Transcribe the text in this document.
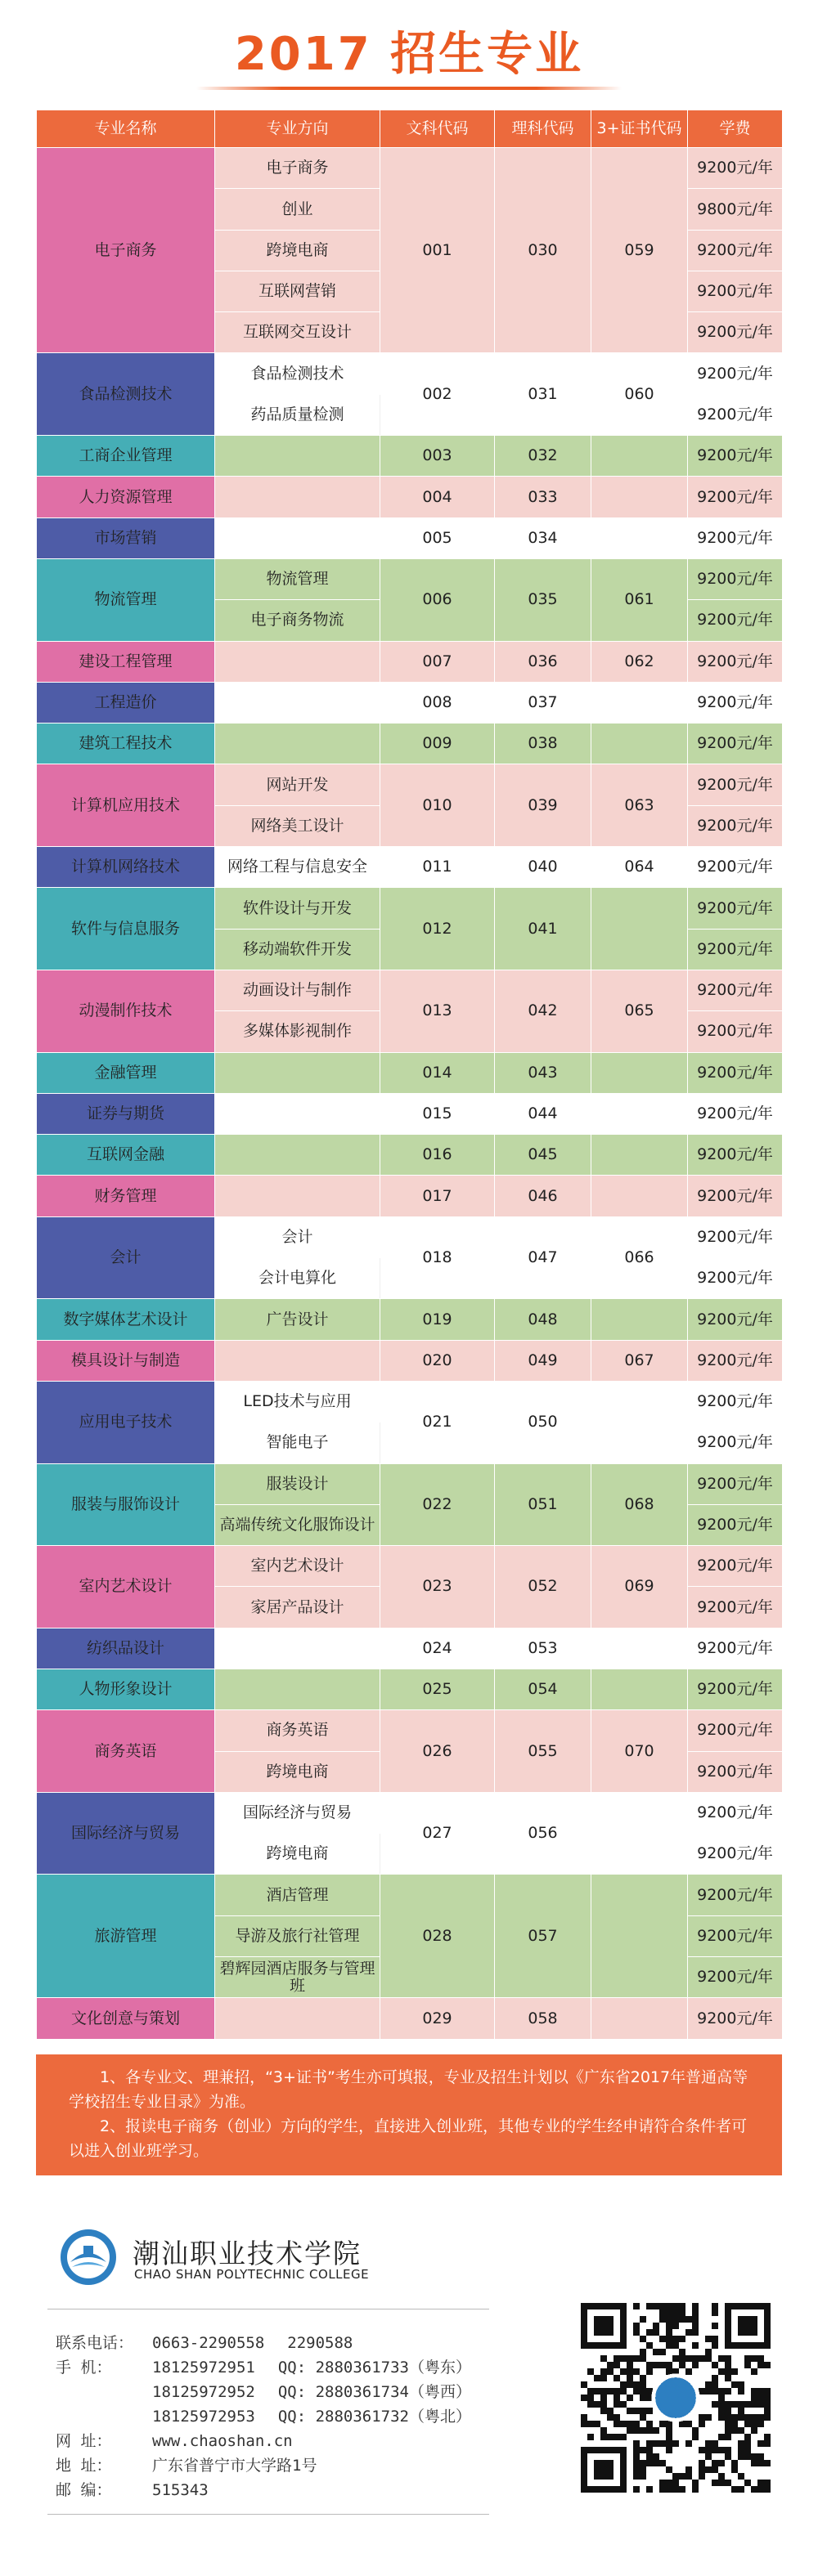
2017 招生专业
专业名称	专业方向	文科代码	理科代码	3+证书代码	学费
电子商务	电子商务	001	030	059	9200元/年
	创业				9800元/年
	跨境电商				9200元/年
	互联网营销				9200元/年
	互联网交互设计				9200元/年
食品检测技术	食品检测技术	002	031	060	9200元/年
	药品质量检测				9200元/年
工商企业管理		003	032		9200元/年
人力资源管理		004	033		9200元/年
市场营销		005	034		9200元/年
物流管理	物流管理	006	035	061	9200元/年
	电子商务物流				9200元/年
建设工程管理		007	036	062	9200元/年
工程造价		008	037		9200元/年
建筑工程技术		009	038		9200元/年
计算机应用技术	网站开发	010	039	063	9200元/年
	网络美工设计				9200元/年
计算机网络技术	网络工程与信息安全	011	040	064	9200元/年
软件与信息服务	软件设计与开发	012	041		9200元/年
	移动端软件开发				9200元/年
动漫制作技术	动画设计与制作	013	042	065	9200元/年
	多媒体影视制作				9200元/年
金融管理		014	043		9200元/年
证券与期货		015	044		9200元/年
互联网金融		016	045		9200元/年
财务管理		017	046		9200元/年
会计	会计	018	047	066	9200元/年
	会计电算化				9200元/年
数字媒体艺术设计	广告设计	019	048		9200元/年
模具设计与制造		020	049	067	9200元/年
应用电子技术	LED技术与应用	021	050		9200元/年
	智能电子				9200元/年
服装与服饰设计	服装设计	022	051	068	9200元/年
	高端传统文化服饰设计				9200元/年
室内艺术设计	室内艺术设计	023	052	069	9200元/年
	家居产品设计				9200元/年
纺织品设计		024	053		9200元/年
人物形象设计		025	054		9200元/年
商务英语	商务英语	026	055	070	9200元/年
	跨境电商				9200元/年
国际经济与贸易	国际经济与贸易	027	056		9200元/年
	跨境电商				9200元/年
旅游管理	酒店管理	028	057		9200元/年
	导游及旅行社管理				9200元/年
	碧辉园酒店服务与管理班				9200元/年
文化创意与策划		029	058		9200元/年

1、各专业文、理兼招，“3+证书”考生亦可填报，专业及招生计划以《广东省2017年普通高等学校招生专业目录》为准。

2、报读电子商务（创业）方向的学生，直接进入创业班，其他专业的学生经申请符合条件者可以进入创业班学习。

潮汕职业技术学院
CHAO SHAN POLYTECHNIC COLLEGE
联系电话： 0663-2290558 2290588
手 机：	18125972951 QQ: 2880361733（粤东）
18125972952 QQ: 2880361734（粤西）
18125972953 QQ: 2880361732（粤北）
网 址：	www.chaoshan.cn
地 址：	广东省普宁市大学路1号
邮 编：	515343
